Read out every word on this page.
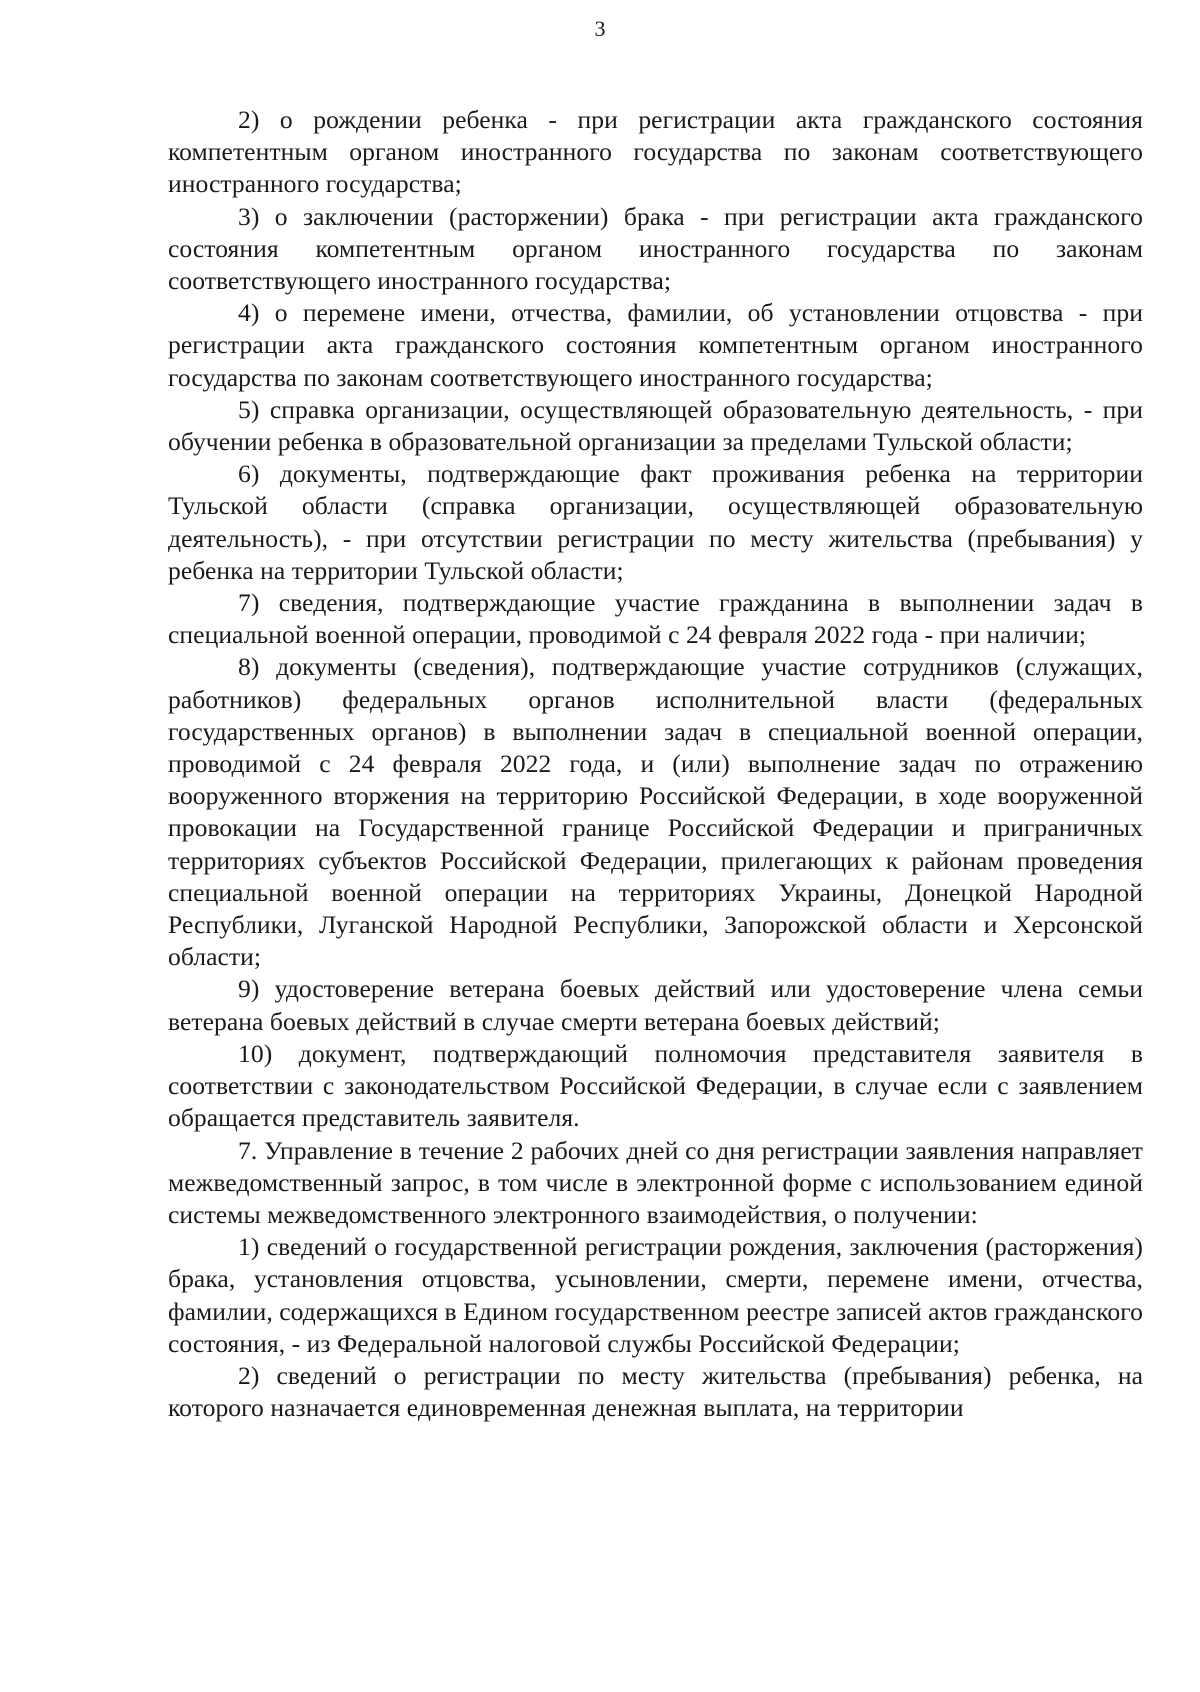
3

2) о рождении ребенка - при регистрации акта гражданского состояния компетентным органом иностранного государства по законам соответствующего иностранного государства;

3) о заключении (расторжении) брака - при регистрации акта гражданского состояния компетентным органом иностранного государства по законам соответствующего иностранного государства;

4) о перемене имени, отчества, фамилии, об установлении отцовства - при регистрации акта гражданского состояния компетентным органом иностранного государства по законам соответствующего иностранного государства;

5) справка организации, осуществляющей образовательную деятельность, - при обучении ребенка в образовательной организации за пределами Тульской области;

6) документы, подтверждающие факт проживания ребенка на территории Тульской области (справка организации, осуществляющей образовательную деятельность), - при отсутствии регистрации по месту жительства (пребывания) у ребенка на территории Тульской области;

7) сведения, подтверждающие участие гражданина в выполнении задач в специальной военной операции, проводимой с 24 февраля 2022 года - при наличии;

8) документы (сведения), подтверждающие участие сотрудников (служащих, работников) федеральных органов исполнительной власти (федеральных государственных органов) в выполнении задач в специальной военной операции, проводимой с 24 февраля 2022 года, и (или) выполнение задач по отражению вооруженного вторжения на территорию Российской Федерации, в ходе вооруженной провокации на Государственной границе Российской Федерации и приграничных территориях субъектов Российской Федерации, прилегающих к районам проведения специальной военной операции на территориях Украины, Донецкой Народной Республики, Луганской Народной Республики, Запорожской области и Херсонской области;

9) удостоверение ветерана боевых действий или удостоверение члена семьи ветерана боевых действий в случае смерти ветерана боевых действий;

10) документ, подтверждающий полномочия представителя заявителя в соответствии с законодательством Российской Федерации, в случае если с заявлением обращается представитель заявителя.

7. Управление в течение 2 рабочих дней со дня регистрации заявления направляет межведомственный запрос, в том числе в электронной форме с использованием единой системы межведомственного электронного взаимодействия, о получении:

1) сведений о государственной регистрации рождения, заключения (расторжения) брака, установления отцовства, усыновлении, смерти, перемене имени, отчества, фамилии, содержащихся в Едином государственном реестре записей актов гражданского состояния, - из Федеральной налоговой службы Российской Федерации;

2) сведений о регистрации по месту жительства (пребывания) ребенка, на которого назначается единовременная денежная выплата, на территории
